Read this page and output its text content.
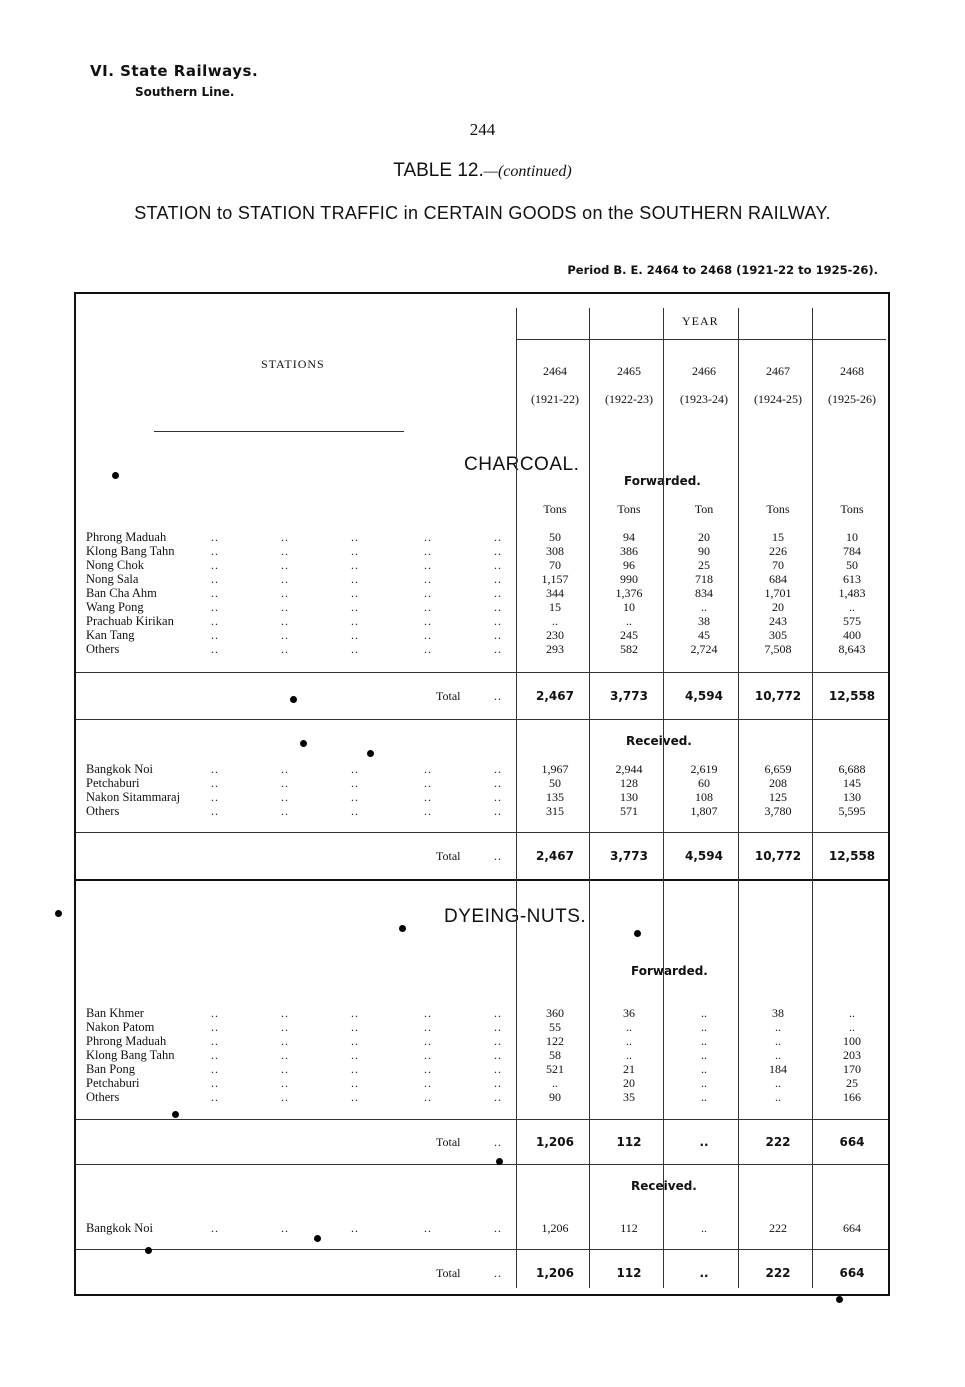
VI. State Railways.
Southern Line.
244
TABLE 12.—(continued)
STATION to STATION TRAFFIC in CERTAIN GOODS on the SOUTHERN RAILWAY.
Period B. E. 2464 to 2468 (1921-22 to 1925-26).
STATIONS
YEAR
CHARCOAL.
Forwarded.
Received.
DYEING-NUTS.
Forwarded.
Received.
2464
(1921-22)
2465
(1922-23)
2466
(1923-24)
2467
(1924-25)
2468
(1925-26)
Tons	Tons	Ton	Tons	Tons
Phrong Maduah	..	..	..	..	..	50	94	20	15	10
Klong Bang Tahn	..	..	..	..	..	308	386	90	226	784
Nong Chok	..	..	..	..	..	70	96	25	70	50
Nong Sala	..	..	..	..	..	1,157	990	718	684	613
Ban Cha Ahm	..	..	..	..	..	344	1,376	834	1,701	1,483
Wang Pong	..	..	..	..	..	15	10	..	20	..
Prachuab Kirikan	..	..	..	..	..	..	..	38	243	575
Kan Tang	..	..	..	..	..	230	245	45	305	400
Others	..	..	..	..	..	293	582	2,724	7,508	8,643
Total	..	2,467	3,773	4,594	10,772	12,558
Bangkok Noi	..	..	..	..	..	1,967	2,944	2,619	6,659	6,688
Petchaburi	..	..	..	..	..	50	128	60	208	145
Nakon Sitammaraj	..	..	..	..	..	135	130	108	125	130
Others	..	..	..	..	..	315	571	1,807	3,780	5,595
Total	..	2,467	3,773	4,594	10,772	12,558
Ban Khmer	..	..	..	..	..	360	36	..	38	..
Nakon Patom	..	..	..	..	..	55	..	..	..	..
Phrong Maduah	..	..	..	..	..	122	..	..	..	100
Klong Bang Tahn	..	..	..	..	..	58	..	..	..	203
Ban Pong	..	..	..	..	..	521	21	..	184	170
Petchaburi	..	..	..	..	..	..	20	..	..	25
Others	..	..	..	..	..	90	35	..	..	166
Total	..	1,206	112	..	222	664
Bangkok Noi	..	..	..	..	..	1,206	112	..	222	664
Total	..	1,206	112	..	222	664
